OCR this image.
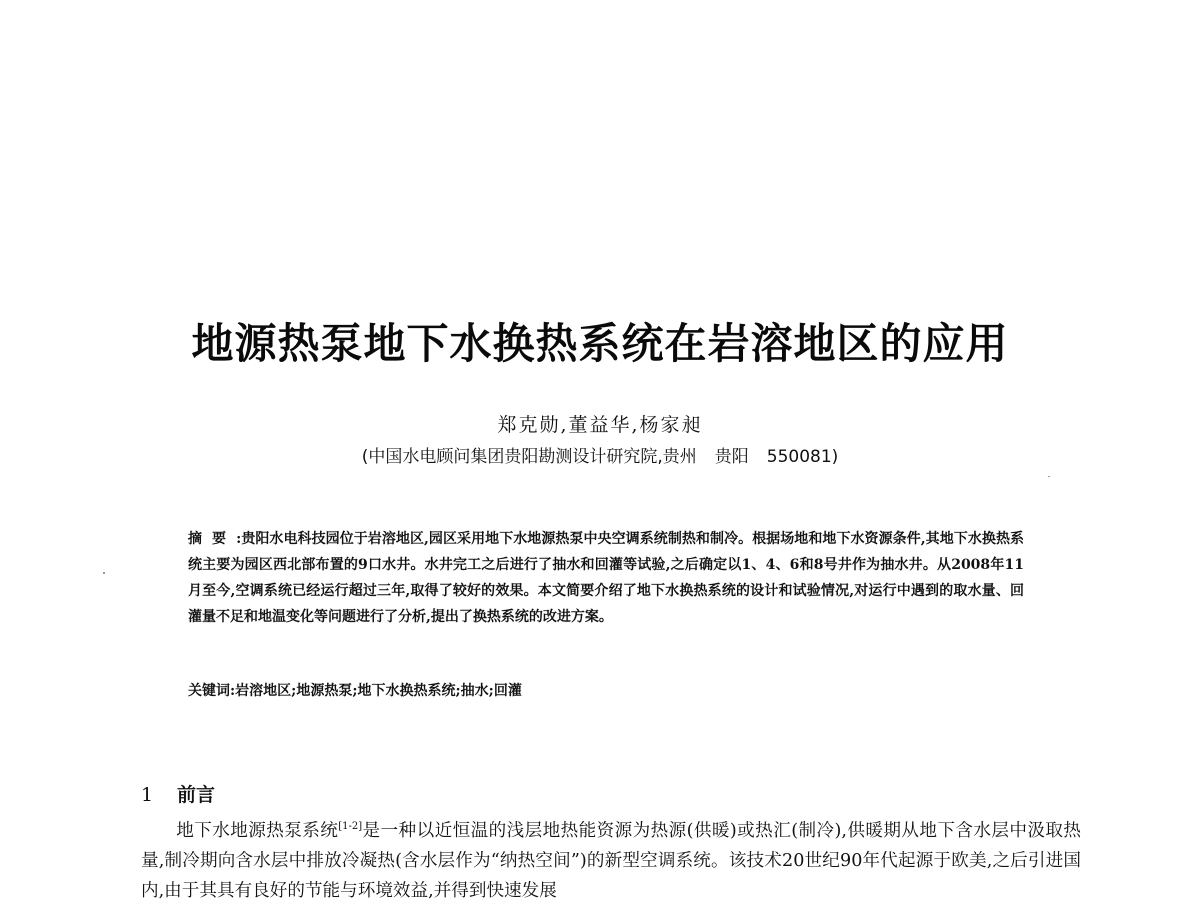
地源热泵地下水换热系统在岩溶地区的应用
郑克勋,董益华,杨家昶
(中国水电顾问集团贵阳勘测设计研究院,贵州 贵阳 550081)
摘要:贵阳水电科技园位于岩溶地区,园区采用地下水地源热泵中央空调系统制热和制冷。根据场地和地下水资源条件,其地下水换热系统主要为园区西北部布置的9口水井。水井完工之后进行了抽水和回灌等试验,之后确定以1、4、6和8号井作为抽水井。从2008年11月至今,空调系统已经运行超过三年,取得了较好的效果。本文简要介绍了地下水换热系统的设计和试验情况,对运行中遇到的取水量、回灌量不足和地温变化等问题进行了分析,提出了换热系统的改进方案。
关键词:岩溶地区;地源热泵;地下水换热系统;抽水;回灌
1 前言
地下水地源热泵系统[1-2]是一种以近恒温的浅层地热能资源为热源(供暖)或热汇(制冷),供暖期从地下含水层中汲取热量,制冷期向含水层中排放冷凝热(含水层作为“纳热空间”)的新型空调系统。该技术20世纪90年代起源于欧美,之后引进国内,由于其具有良好的节能与环境效益,并得到快速发展
